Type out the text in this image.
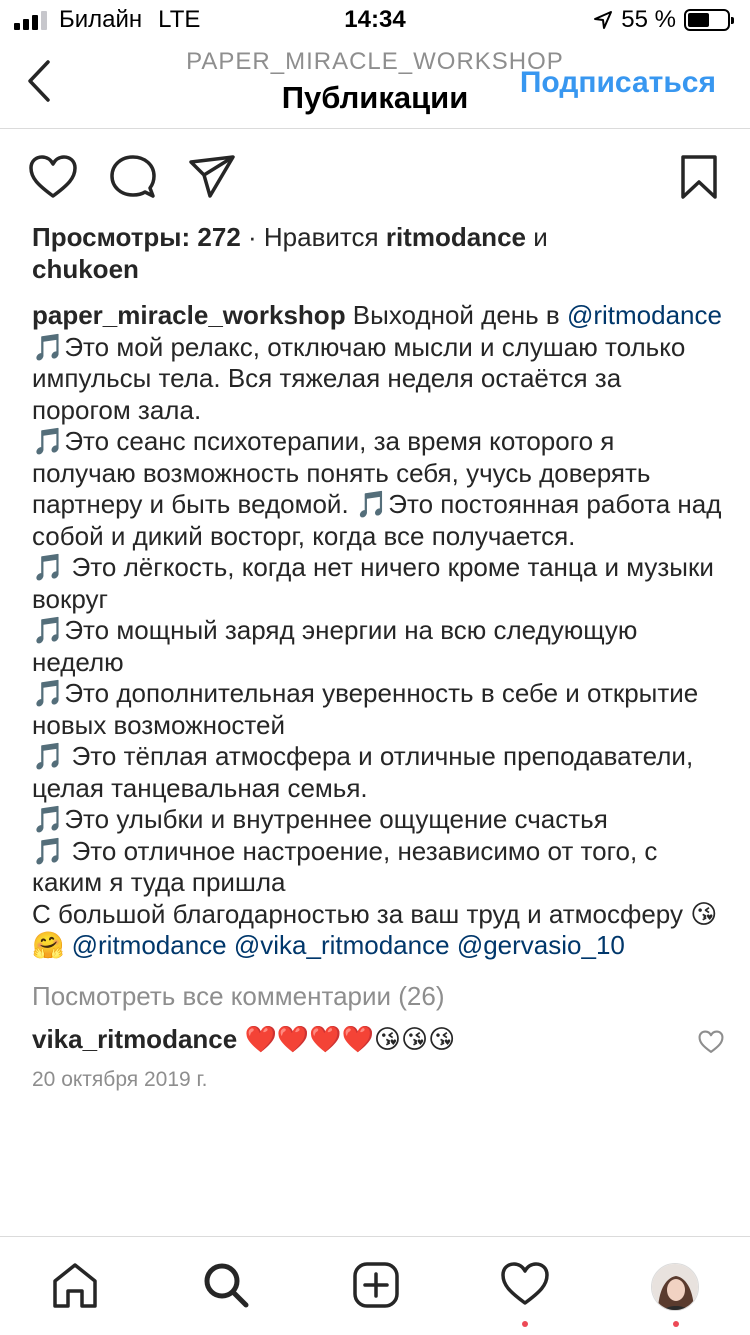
Билайн LTE	14:34	55 %
PAPER_MIRACLE_WORKSHOP
Публикации	Подписаться
Просмотры: 272 · Нравится ritmodance и
chukoen
paper_miracle_workshop Выходной день в @ritmodance
🎵Это мой релакс, отключаю мысли и слушаю только импульсы тела. Вся тяжелая неделя остаётся за порогом зала.
🎵Это сеанс психотерапии, за время которого я получаю возможность понять себя, учусь доверять партнеру и быть ведомой. 🎵Это постоянная работа над собой и дикий восторг, когда все получается.
🎵 Это лёгкость, когда нет ничего кроме танца и музыки вокруг
🎵Это мощный заряд энергии на всю следующую неделю
🎵Это дополнительная уверенность в себе и открытие новых возможностей
🎵 Это тёплая атмосфера и отличные преподаватели, целая танцевальная семья.
🎵Это улыбки и внутреннее ощущение счастья
🎵 Это отличное настроение, независимо от того, с каким я туда пришла
С большой благодарностью за ваш труд и атмосферу 😘🤗 @ritmodance @vika_ritmodance @gervasio_10
Посмотреть все комментарии (26)
vika_ritmodance ❤️❤️❤️❤️😘😘😘
20 октября 2019 г.
